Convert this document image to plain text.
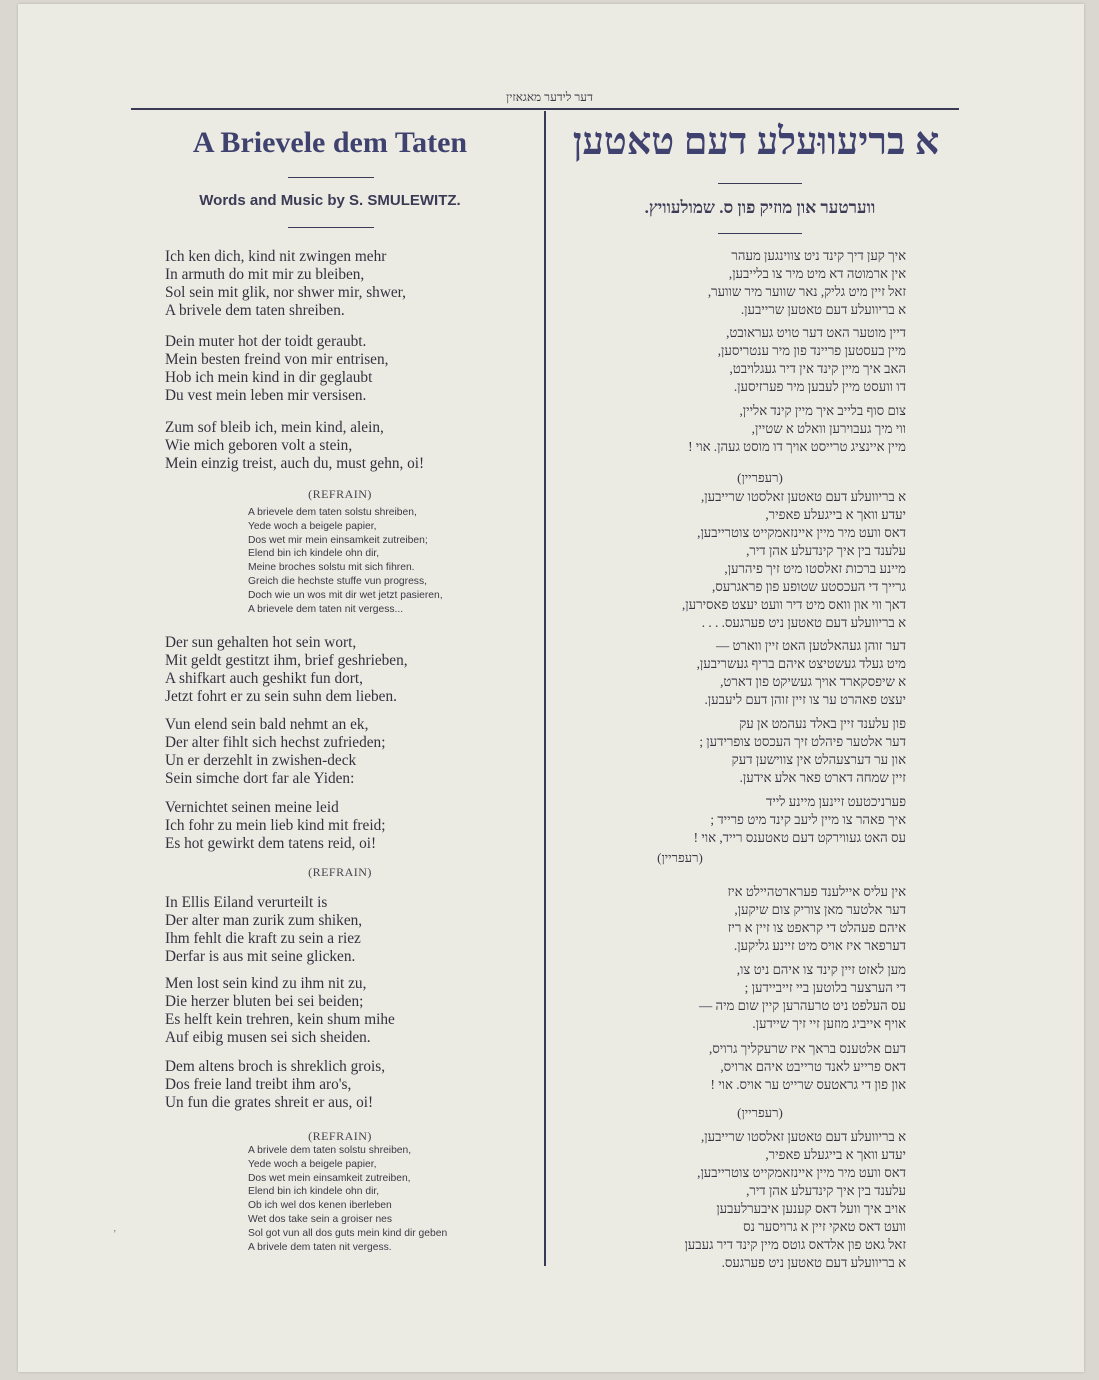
דער לידער מאגאזין
A Brievele dem Taten
Words and Music by S. SMULEWITZ.
Ich ken dich, kind nit zwingen mehr
In armuth do mit mir zu bleiben,
Sol sein mit glik, nor shwer mir, shwer,
A brivele dem taten shreiben.
Dein muter hot der toidt geraubt.
Mein besten freind von mir entrisen,
Hob ich mein kind in dir geglaubt
Du vest mein leben mir versisen.
Zum sof bleib ich, mein kind, alein,
Wie mich geboren volt a stein,
Mein einzig treist, auch du, must gehn, oi!
(REFRAIN)
A brievele dem taten solstu shreiben,
Yede woch a beigele papier,
Dos wet mir mein einsamkeit zutreiben;
Elend bin ich kindele ohn dir,
Meine broches solstu mit sich fihren.
Greich die hechste stuffe vun progress,
Doch wie un wos mit dir wet jetzt pasieren,
A brievele dem taten nit vergess...
Der sun gehalten hot sein wort,
Mit geldt gestitzt ihm, brief geshrieben,
A shifkart auch geshikt fun dort,
Jetzt fohrt er zu sein suhn dem lieben.
Vun elend sein bald nehmt an ek,
Der alter fihlt sich hechst zufrieden;
Un er derzehlt in zwishen-deck
Sein simche dort far ale Yiden:
Vernichtet seinen meine leid
Ich fohr zu mein lieb kind mit freid;
Es hot gewirkt dem tatens reid, oi!
(REFRAIN)
In Ellis Eiland verurteilt is
Der alter man zurik zum shiken,
Ihm fehlt die kraft zu sein a riez
Derfar is aus mit seine glicken.
Men lost sein kind zu ihm nit zu,
Die herzer bluten bei sei beiden;
Es helft kein trehren, kein shum mihe
Auf eibig musen sei sich sheiden.
Dem altens broch is shreklich grois,
Dos freie land treibt ihm aro's,
Un fun die grates shreit er aus, oi!
(REFRAIN)
A brivele dem taten solstu shreiben,
Yede woch a beigele papier,
Dos wet mein einsamkeit zutreiben,
Elend bin ich kindele ohn dir,
Ob ich wel dos kenen iberleben
Wet dos take sein a groiser nes
Sol got vun all dos guts mein kind dir geben
A brivele dem taten nit vergess.
ʼ
א בריעווּעלע דעם טאטען
ווערטער און מוזיק פון ס. שמולעוויץ.
איך קען דיך קינד ניט צווינגען מעהר
אין ארמוטה דא מיט מיר צו בלייבען,
זאל זיין מיט גליק, נאר שווער מיר שווער,
א בריוועלע דעם טאטען שרייבען.
דיין מוטער האט דער טויט געראובט,
מיין בעסטען פריינד פון מיר ענטריסען,
האב איך מיין קינד אין דיר געגלויבט,
דו וועסט מיין לעבען מיר פערזיסען.
צום סוף בלייב איך מיין קינד אליין,
ווי מיך געבוירען וואלט א שטיין,
מיין איינציג טרייסט אויך דו מוסט געהן. אוי !
(רעפריין)
א בריוועלע דעם טאטען זאלסטו שרייבען,
יעדע וואך א בייגעלע פאפיר,
דאס וועט מיר מיין איינזאמקייט צוטרייבען,
עלענד בין איך קינדעלע אהן דיר,
מיינע ברכות זאלסטו מיט זיך פיהרען,
גרייך די העכסטע שטופע פון פראגרעס,
דאך ווי און וואס מיט דיר וועט יעצט פאסירען,
א בריוועלע דעם טאטען ניט פערגעס. . . .
דער זוהן געהאלטען האט זיין ווארט —
מיט געלד געשטיצט איהם בריף געשריבען,
א שיפסקארד אויך געשיקט פון דארט,
יעצט פאהרט ער צו זיין זוהן דעם ליעבען.
פון עלענד זיין באלד נעהמט אן עק
דער אלטער פיהלט זיך העכסט צופרידען ;
און ער דערצעהלט אין צווישען דעק
זיין שמחה דארט פאר אלע אידען.
פערניכטעט זיינען מיינע לייד
איך פאהר צו מיין ליעב קינד מיט פרייד ;
עס האט געווירקט דעם טאטענס רייד, אוי !
(רעפריין)
אין עליס איילענד פערארטהיילט איז
דער אלטער מאן צוריק צום שיקען,
איהם פעהלט די קראפט צו זיין א ריז
דערפאר איז אויס מיט זיינע גליקען.
מען לאזט זיין קינד צו איהם ניט צו,
די הערצער בלוטען ביי זייביידען ;
עס העלפט ניט טרעהרען קיין שום מיה —
אויף אייביג מוזען זיי זיך שיידען.
דעם אלטענס בראך איז שרעקליך גרויס,
דאס פרייע לאנד טרייבט איהם ארויס,
און פון די גראטעס שרייט ער אויס. אוי !
(רעפריין)
א בריוועלע דעם טאטען זאלסטו שרייבען,
יעדע וואך א בייגעלע פאפיר,
דאס וועט מיר מיין איינזאמקייט צוטרייבען,
עלענד בין איך קינדעלע אהן דיר,
אויב איך וועל דאס קענען איבערלעבען
וועט דאס טאקי זיין א גרויסער נס
זאל גאט פון אלדאס גוטס מיין קינד דיר געבען
א בריוועלע דעם טאטען ניט פערגעס.
